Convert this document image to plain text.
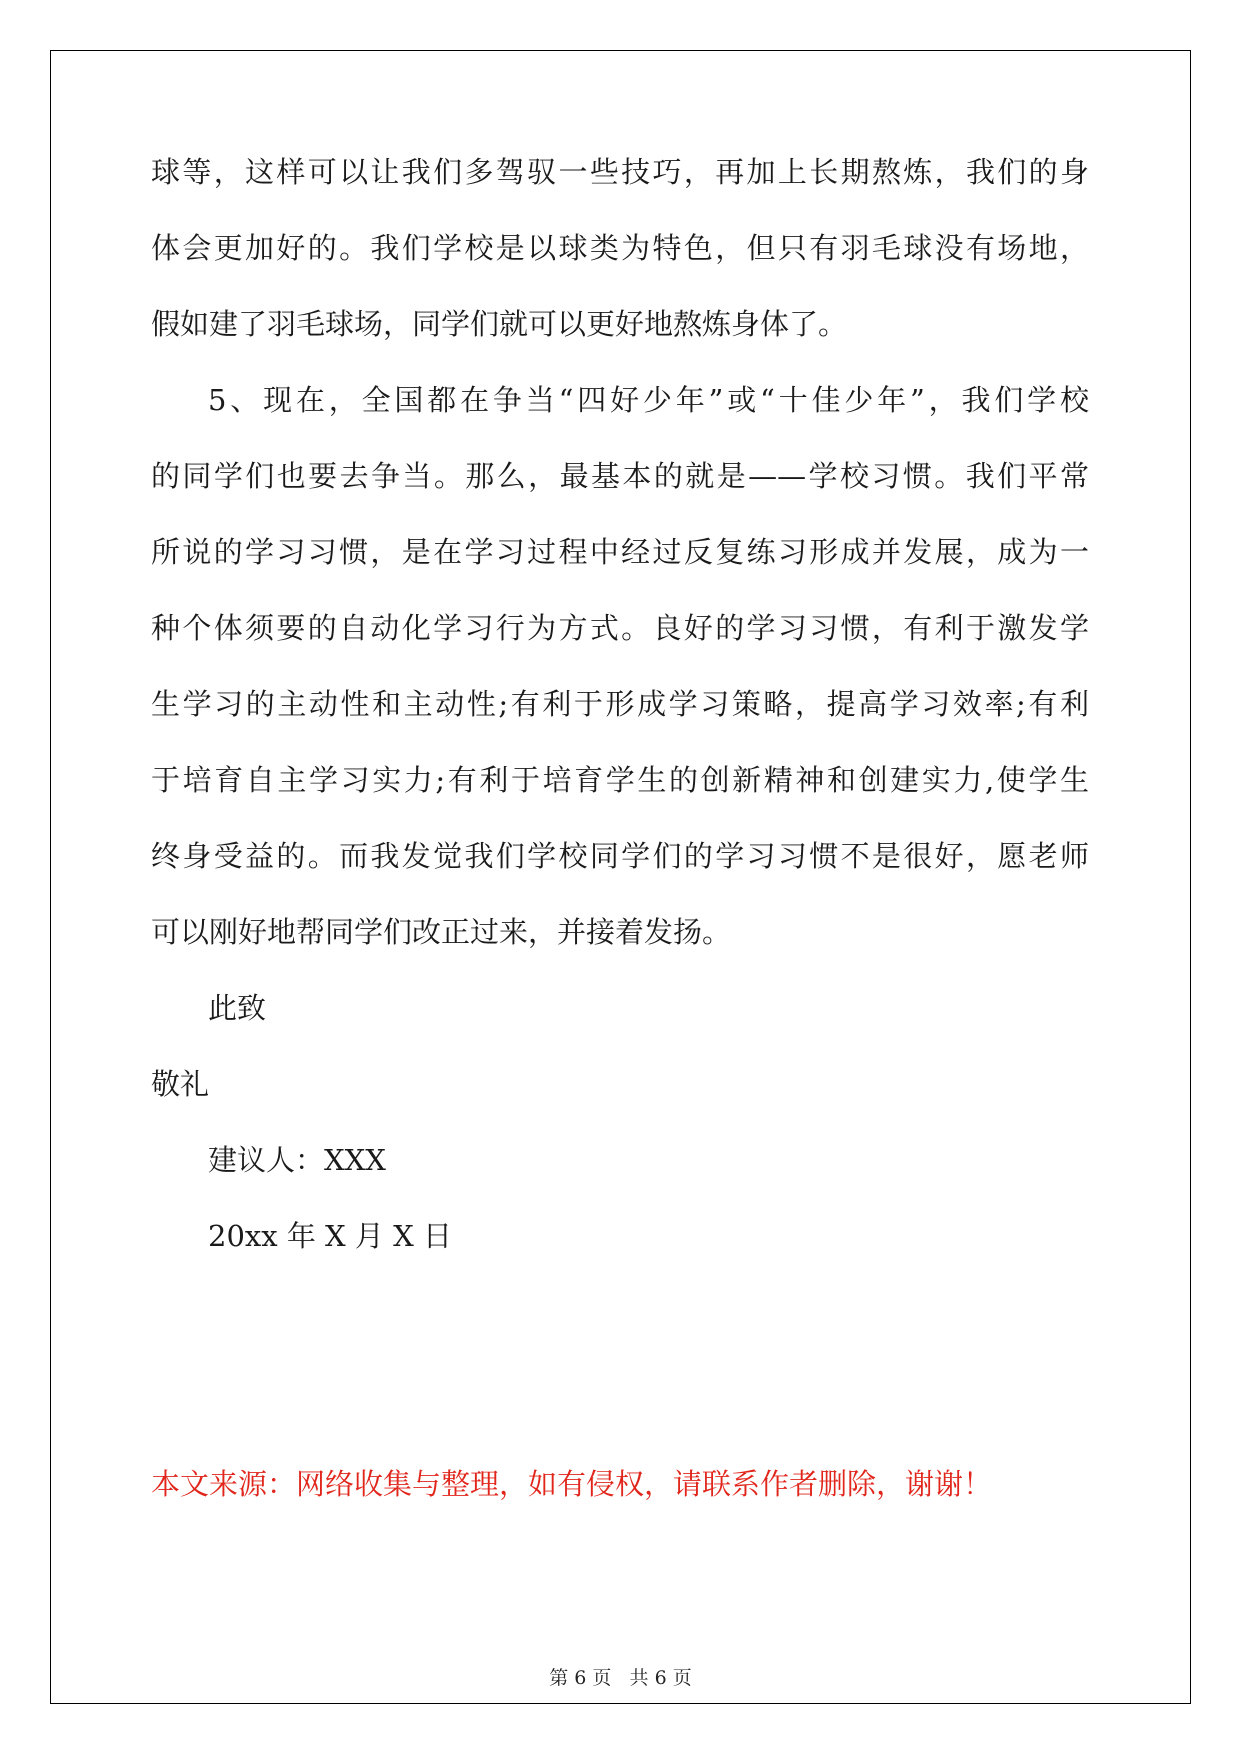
球等，这样可以让我们多驾驭一些技巧，再加上长期熬炼，我们的身
体会更加好的。我们学校是以球类为特色，但只有羽毛球没有场地，
假如建了羽毛球场，同学们就可以更好地熬炼身体了。
5、现在，全国都在争当“四好少年”或“十佳少年”，我们学校
的同学们也要去争当。那么，最基本的就是——学校习惯。我们平常
所说的学习习惯，是在学习过程中经过反复练习形成并发展，成为一
种个体须要的自动化学习行为方式。良好的学习习惯，有利于激发学
生学习的主动性和主动性;有利于形成学习策略，提高学习效率;有利
于培育自主学习实力;有利于培育学生的创新精神和创建实力,使学生
终身受益的。而我发觉我们学校同学们的学习习惯不是很好，愿老师
可以刚好地帮同学们改正过来，并接着发扬。
此致
敬礼
建议人：XXX
20xx 年 X 月 X 日
本文来源：网络收集与整理，如有侵权，请联系作者删除，谢谢！
第 6 页   共 6 页
